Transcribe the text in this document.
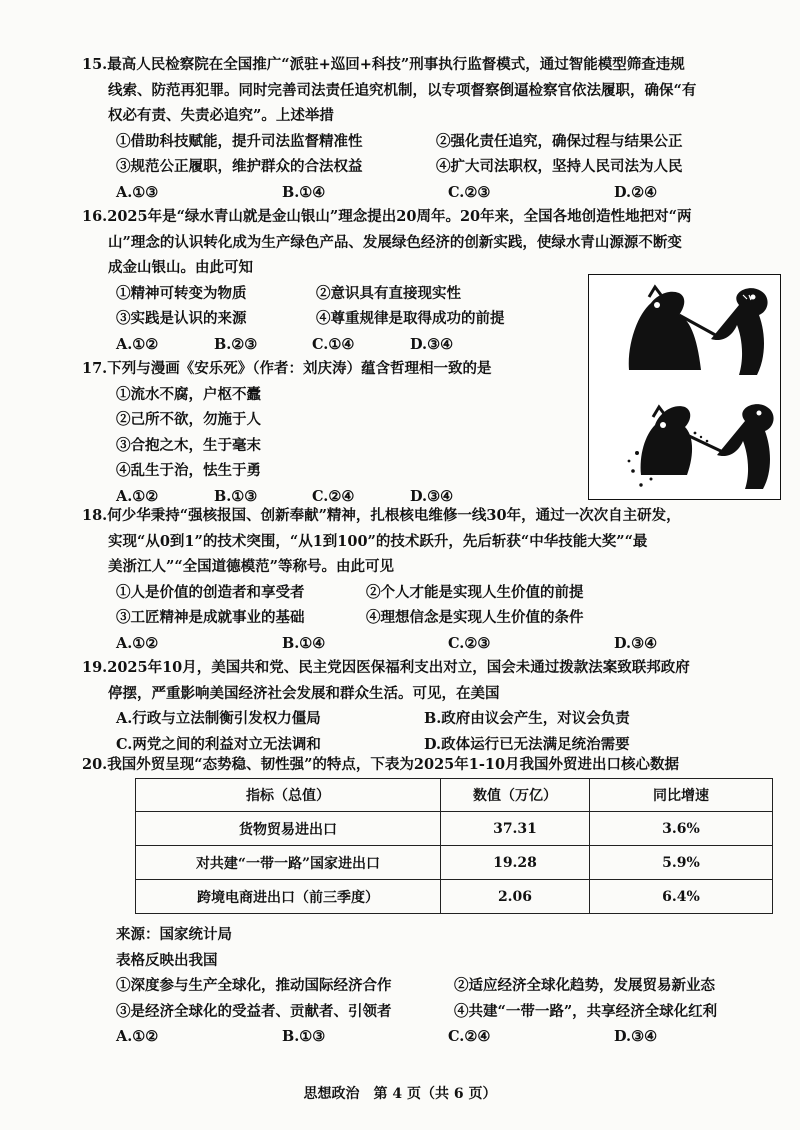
15.最高人民检察院在全国推广“派驻+巡回+科技”刑事执行监督模式，通过智能模型筛查违规
线索、防范再犯罪。同时完善司法责任追究机制，以专项督察倒逼检察官依法履职，确保“有
权必有责、失责必追究”。上述举措
①借助科技赋能，提升司法监督精准性	②强化责任追究，确保过程与结果公正
③规范公正履职，维护群众的合法权益	④扩大司法职权，坚持人民司法为人民
A.①③	B.①④	C.②③	D.②④
16.2025年是“绿水青山就是金山银山”理念提出20周年。20年来，全国各地创造性地把对“两
山”理念的认识转化成为生产绿色产品、发展绿色经济的创新实践，使绿水青山源源不断变
成金山银山。由此可知
①精神可转变为物质	②意识具有直接现实性
③实践是认识的来源	④尊重规律是取得成功的前提
A.①②	B.②③	C.①④	D.③④
17.下列与漫画《安乐死》（作者：刘庆涛）蕴含哲理相一致的是
①流水不腐，户枢不蠹
②己所不欲，勿施于人
③合抱之木，生于毫末
④乱生于治，怯生于勇
A.①②	B.①③	C.②④	D.③④
18.何少华秉持“强核报国、创新奉献”精神，扎根核电维修一线30年，通过一次次自主研发，
实现“从0到1”的技术突围，“从1到100”的技术跃升，先后斩获“中华技能大奖”“最
美浙江人”“全国道德模范”等称号。由此可见
①人是价值的创造者和享受者	②个人才能是实现人生价值的前提
③工匠精神是成就事业的基础	④理想信念是实现人生价值的条件
A.①②	B.①④	C.②③	D.③④
19.2025年10月，美国共和党、民主党因医保福利支出对立，国会未通过拨款法案致联邦政府
停摆，严重影响美国经济社会发展和群众生活。可见，在美国
A.行政与立法制衡引发权力僵局	B.政府由议会产生，对议会负责
C.两党之间的利益对立无法调和	D.政体运行已无法满足统治需要
20.我国外贸呈现“态势稳、韧性强”的特点，下表为2025年1-10月我国外贸进出口核心数据
指标（总值）	数值（万亿）	同比增速
货物贸易进出口	37.31	3.6%
对共建“一带一路”国家进出口	19.28	5.9%
跨境电商进出口（前三季度）	2.06	6.4%
来源：国家统计局
表格反映出我国
①深度参与生产全球化，推动国际经济合作	②适应经济全球化趋势，发展贸易新业态
③是经济全球化的受益者、贡献者、引领者	④共建“一带一路”，共享经济全球化红利
A.①②	B.①③	C.②④	D.③④
思想政治　第 4 页（共 6 页）
